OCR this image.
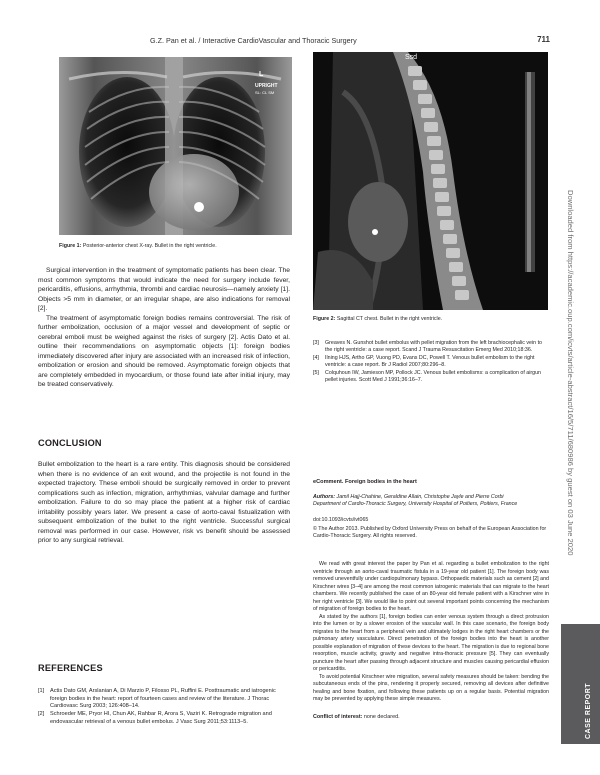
G.Z. Pan et al. / Interactive CardioVascular and Thoracic Surgery	711
L
UPRIGHT
SL: CL SM
Figure 1: Posterior-anterior chest X-ray. Bullet in the right ventricle.
Ssd
Figure 2: Sagittal CT chest. Bullet in the right ventricle.

Surgical intervention in the treatment of symptomatic patients has been clear. The most common symptoms that would indicate the need for surgery include fever, pericarditis, effusions, arrhythmia, thrombi and cardiac neurosis—namely anxiety [1]. Objects >5 mm in diameter, or an irregular shape, are also indications for removal [2].

The treatment of asymptomatic foreign bodies remains controversial. The risk of further embolization, occlusion of a major vessel and development of septic or cerebral emboli must be weighed against the risks of surgery [2]. Actis Dato et al. outline their recommendations on asymptomatic objects [1]: foreign bodies immediately discovered after injury are associated with an increased risk of infection, embolization or erosion and should be removed. Asymptomatic foreign objects that are completely embedded in myocardium, or those found late after initial injury, may be treated conservatively.

CONCLUSION

Bullet embolization to the heart is a rare entity. This diagnosis should be considered when there is no evidence of an exit wound, and the projectile is not found in the expected trajectory. These emboli should be surgically removed in order to prevent complications such as infection, migration, arrhythmias, valvular damage and further embolization. Failure to do so may place the patient at a higher risk of cardiac irritability possibly years later. We present a case of aorto-caval fistualization with subsequent embolization of the bullet to the right ventricle. Successful surgical removal was performed in our case. However, risk vs benefit should be assessed prior to any surgical retrieval.

REFERENCES
[1]	Actis Dato GM, Arslanian A, Di Marzio P, Filosso PL, Ruffini E. Posttraumatic and iatrogenic foreign bodies in the heart: report of fourteen cases and review of the literature. J Thorac Cardiovasc Surg 2003; 126:408–14.
[2]	Schroeder ME, Pryor HI, Chun AK, Rahbar R, Arora S, Vaziri K. Retrograde migration and endovascular retrieval of a venous bullet embolus. J Vasc Surg 2011;53:1113–5.
[3]	Greaves N. Gunshot bullet embolus with pellet migration from the left brachiocephalic vein to the right ventricle: a case report. Scand J Trauma Resuscitation Emerg Med 2010;18:36.
[4]	Ilning HJS, Artho GP, Vuong PD, Evans DC, Powell T. Venous bullet embolism to the right ventricle: a case report. Br J Radiol 2007;80:296–8.
[5]	Colquhoun IW, Jamieson MP, Pollock JC. Venous bullet embolisms: a complication of airgun pellet injuries. Scott Med J 1991;36:16–7.
eComment. Foreign bodies in the heart
Authors: Jamil Hajj-Chahine, Geraldine Allain, Christophe Jayle and Pierre Corbi
Department of Cardio-Thoracic Surgery, University Hospital of Poitiers, Poitiers, France
doi:10.1093/icvts/ivt065
© The Author 2013. Published by Oxford University Press on behalf of the European Association for Cardio-Thoracic Surgery. All rights reserved.

We read with great interest the paper by Pan et al. regarding a bullet embolization to the right ventricle through an aorto-caval traumatic fistula in a 19-year old patient [1]. The foreign body was removed uneventfully under cardiopulmonary bypass. Orthopaedic materials such as cement [2] and Kirschner wires [3–4] are among the most common iatrogenic materials that can migrate to the heart chambers. We recently published the case of an 80-year old female patient with a Kirschner wire in her right ventricle [3]. We would like to point out several important points concerning the mechanism of migration of foreign bodies to the heart.

As stated by the authors [1], foreign bodies can enter venous system through a direct protrusion into the lumen or by a slower erosion of the vascular wall. In this case scenario, the foreign body migrates to the heart from a peripheral vein and ultimately lodges in the right heart chambers or the pulmonary artery vasculature. Direct penetration of the foreign bodies into the heart is another possible explanation of migration of these devices to the heart. The migration is due to regional bone resorption, muscle activity, gravity and negative intra-thoracic pressure [5]. They can eventually puncture the heart after passing through adjacent structure and muscles causing pericardial effusion or pericarditis.

To avoid potential Kirschner wire migration, several safety measures should be taken: bending the subcutaneous ends of the pins, rendering it properly secured, removing all devices after definitive healing and bone fixation, and following these patients up on a regular basis. Potential migration may be prevented by applying these simple measures.

Conflict of interest: none declared.
Downloaded from https://academic.oup.com/icvts/article-abstract/16/5/711/680986 by guest on 03 June 2020
CASE REPORT
